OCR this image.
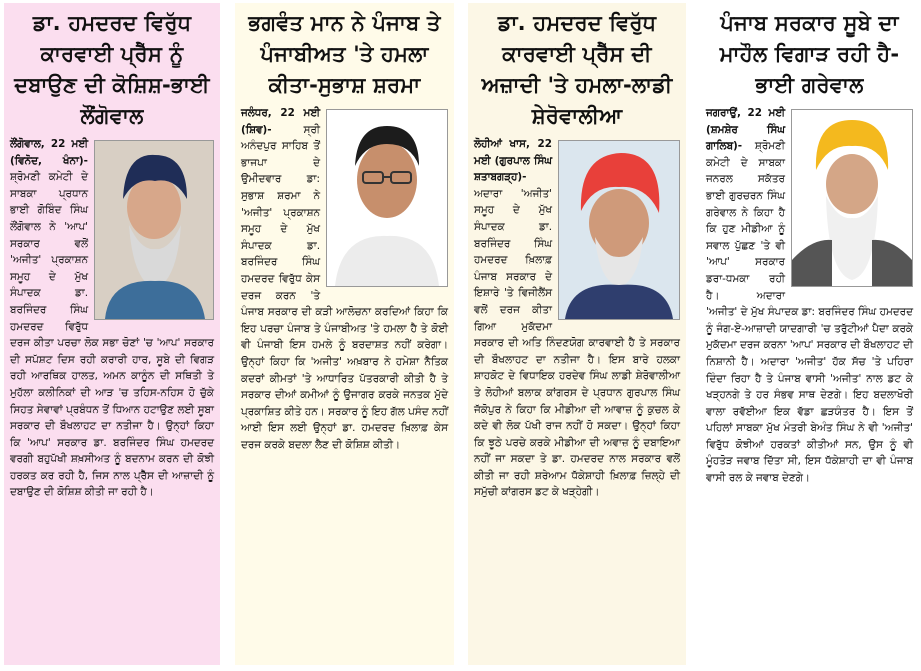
ਡਾ. ਹਮਦਰਦ ਵਿਰੁੱਧ ਕਾਰਵਾਈ ਪ੍ਰੈੱਸ ਨੂੰ ਦਬਾਉਣ ਦੀ ਕੋਸ਼ਿਸ਼-ਭਾਈ ਲੌਂਗੋਵਾਲ
ਲੌਂਗੋਵਾਲ, 22 ਮਈ (ਵਿਨੋਦ, ਖੰਨਾ)- ਸ਼੍ਰੋਮਣੀ ਕਮੇਟੀ ਦੇ ਸਾਬਕਾ ਪ੍ਰਧਾਨ ਭਾਈ ਗੋਬਿੰਦ ਸਿੰਘ ਲੌਂਗੋਵਾਲ ਨੇ 'ਆਪ' ਸਰਕਾਰ ਵਲੋਂ 'ਅਜੀਤ' ਪ੍ਰਕਾਸ਼ਨ ਸਮੂਹ ਦੇ ਮੁੱਖ ਸੰਪਾਦਕ ਡਾ. ਬਰਜਿੰਦਰ ਸਿੰਘ ਹਮਦਰਦ ਵਿਰੁੱਧ ਦਰਜ ਕੀਤਾ ਪਰਚਾ ਲੋਕ ਸਭਾ ਚੋਣਾਂ 'ਚ 'ਆਪ' ਸਰਕਾਰ ਦੀ ਸਪੱਸ਼ਟ ਦਿਸ ਰਹੀ ਕਰਾਰੀ ਹਾਰ, ਸੂਬੇ ਦੀ ਵਿਗੜ ਰਹੀ ਆਰਥਿਕ ਹਾਲਤ, ਅਮਨ ਕਾਨੂੰਨ ਦੀ ਸਥਿਤੀ ਤੇ ਮੁਹੱਲਾ ਕਲੀਨਿਕਾਂ ਦੀ ਆੜ 'ਚ ਤਹਿਸ-ਨਹਿਸ ਹੋ ਚੁੱਕੇ ਸਿਹਤ ਸੇਵਾਵਾਂ ਪ੍ਰਬੰਧਨ ਤੋਂ ਧਿਆਨ ਹਟਾਉਣ ਲਈ ਸੂਬਾ ਸਰਕਾਰ ਦੀ ਬੌਖਲਾਹਟ ਦਾ ਨਤੀਜਾ ਹੈ। ਉਨ੍ਹਾਂ ਕਿਹਾ ਕਿ 'ਆਪ' ਸਰਕਾਰ ਡਾ. ਬਰਜਿੰਦਰ ਸਿੰਘ ਹਮਦਰਦ ਵਰਗੀ ਬਹੁਪੱਖੀ ਸ਼ਖ਼ਸੀਅਤ ਨੂੰ ਬਦਨਾਮ ਕਰਨ ਦੀ ਕੋਝੀ ਹਰਕਤ ਕਰ ਰਹੀ ਹੈ, ਜਿਸ ਨਾਲ ਪ੍ਰੈੱਸ ਦੀ ਆਜ਼ਾਦੀ ਨੂੰ ਦਬਾਉਣ ਦੀ ਕੋਸ਼ਿਸ਼ ਕੀਤੀ ਜਾ ਰਹੀ ਹੈ।
ਭਗਵੰਤ ਮਾਨ ਨੇ ਪੰਜਾਬ ਤੇ ਪੰਜਾਬੀਅਤ 'ਤੇ ਹਮਲਾ ਕੀਤਾ-ਸੁਭਾਸ਼ ਸ਼ਰਮਾ
ਜਲੰਧਰ, 22 ਮਈ (ਸ਼ਿਵ)-	ਸ੍ਰੀ ਅਨੰਦਪੁਰ ਸਾਹਿਬ ਤੋਂ ਭਾਜਪਾ ਦੇ ਉਮੀਦਵਾਰ ਡਾ: ਸੁਭਾਸ਼ ਸ਼ਰਮਾ ਨੇ 'ਅਜੀਤ' ਪ੍ਰਕਾਸ਼ਨ ਸਮੂਹ ਦੇ ਮੁੱਖ ਸੰਪਾਦਕ ਡਾ. ਬਰਜਿੰਦਰ ਸਿੰਘ ਹਮਦਰਦ ਵਿਰੁੱਧ ਕੇਸ ਦਰਜ ਕਰਨ 'ਤੇ ਪੰਜਾਬ ਸਰਕਾਰ ਦੀ ਕੜੀ ਆਲੋਚਨਾ ਕਰਦਿਆਂ ਕਿਹਾ ਕਿ ਇਹ ਪਰਚਾ ਪੰਜਾਬ ਤੇ ਪੰਜਾਬੀਅਤ 'ਤੇ ਹਮਲਾ ਹੈ ਤੇ ਕੋਈ ਵੀ ਪੰਜਾਬੀ ਇਸ ਹਮਲੇ ਨੂੰ ਬਰਦਾਸ਼ਤ ਨਹੀਂ ਕਰੇਗਾ। ਉਨ੍ਹਾਂ ਕਿਹਾ ਕਿ 'ਅਜੀਤ' ਅਖ਼ਬਾਰ ਨੇ ਹਮੇਸ਼ਾ ਨੈਤਿਕ ਕਦਰਾਂ ਕੀਮਤਾਂ 'ਤੇ ਆਧਾਰਿਤ ਪੱਤਰਕਾਰੀ ਕੀਤੀ ਹੈ ਤੇ ਸਰਕਾਰ ਦੀਆਂ ਕਮੀਆਂ ਨੂੰ ਉਜਾਗਰ ਕਰਕੇ ਜਨਤਕ ਮੁੱਦੇ ਪ੍ਰਕਾਸ਼ਿਤ ਕੀਤੇ ਹਨ। ਸਰਕਾਰ ਨੂੰ ਇਹ ਗੱਲ ਪਸੰਦ ਨਹੀਂ ਆਈ ਇਸ ਲਈ ਉਨ੍ਹਾਂ ਡਾ. ਹਮਦਰਦ ਖ਼ਿਲਾਫ਼ ਕੇਸ ਦਰਜ ਕਰਕੇ ਬਦਲਾ ਲੈਣ ਦੀ ਕੋਸ਼ਿਸ਼ ਕੀਤੀ।
ਡਾ. ਹਮਦਰਦ ਵਿਰੁੱਧ ਕਾਰਵਾਈ ਪ੍ਰੈੱਸ ਦੀ ਅਜ਼ਾਦੀ 'ਤੇ ਹਮਲਾ-ਲਾਡੀ ਸ਼ੇਰੋਵਾਲੀਆ
ਲੋਹੀਆਂ ਖਾਸ, 22 ਮਈ (ਗੁਰਪਾਲ ਸਿੰਘ ਸ਼ਤਾਬਗੜ੍ਹ)- ਅਦਾਰਾ 'ਅਜੀਤ' ਸਮੂਹ ਦੇ ਮੁੱਖ ਸੰਪਾਦਕ ਡਾ. ਬਰਜਿੰਦਰ ਸਿੰਘ ਹਮਦਰਦ ਖ਼ਿਲਾਫ਼ ਪੰਜਾਬ ਸਰਕਾਰ ਦੇ ਇਸ਼ਾਰੇ 'ਤੇ ਵਿਜੀਲੈਂਸ ਵਲੋਂ ਦਰਜ ਕੀਤਾ ਗਿਆ ਮੁਕੱਦਮਾ ਸਰਕਾਰ ਦੀ ਅਤਿ ਨਿੰਦਣਯੋਗ ਕਾਰਵਾਈ ਹੈ ਤੇ ਸਰਕਾਰ ਦੀ ਬੌਖਲਾਹਟ ਦਾ ਨਤੀਜਾ ਹੈ। ਇਸ ਬਾਰੇ ਹਲਕਾ ਸ਼ਾਹਕੋਟ ਦੇ ਵਿਧਾਇਕ ਹਰਦੇਵ ਸਿੰਘ ਲਾਡੀ ਸ਼ੇਰੋਵਾਲੀਆ ਤੇ ਲੋਹੀਆਂ ਬਲਾਕ ਕਾਂਗਰਸ ਦੇ ਪ੍ਰਧਾਨ ਗੁਰਪਾਲ ਸਿੰਘ ਜੱਕੋਪੁਰ ਨੇ ਕਿਹਾ ਕਿ ਮੀਡੀਆ ਦੀ ਆਵਾਜ਼ ਨੂੰ ਕੁਚਲ ਕੇ ਕਦੇ ਵੀ ਲੋਕ ਪੱਖੀ ਰਾਜ ਨਹੀਂ ਹੋ ਸਕਦਾ। ਉਨ੍ਹਾਂ ਕਿਹਾ ਕਿ ਝੂਠੇ ਪਰਚੇ ਕਰਕੇ ਮੀਡੀਆ ਦੀ ਅਵਾਜ਼ ਨੂੰ ਦਬਾਇਆ ਨਹੀਂ ਜਾ ਸਕਦਾ ਤੇ ਡਾ. ਹਮਦਰਦ ਨਾਲ ਸਰਕਾਰ ਵਲੋਂ ਕੀਤੀ ਜਾ ਰਹੀ ਸ਼ਰੇਆਮ ਧੱਕੇਸ਼ਾਹੀ ਖ਼ਿਲਾਫ਼ ਜ਼ਿਲ੍ਹੇ ਦੀ ਸਮੁੱਚੀ ਕਾਂਗਰਸ ਡਟ ਕੇ ਖੜ੍ਹੇਗੀ।
ਪੰਜਾਬ ਸਰਕਾਰ ਸੂਬੇ ਦਾ ਮਾਹੌਲ ਵਿਗਾੜ ਰਹੀ ਹੈ-ਭਾਈ ਗਰੇਵਾਲ
ਜਗਰਾਉਂ, 22 ਮਈ (ਸ਼ਮਸ਼ੇਰ ਸਿੰਘ ਗਾਲਿਬ)- ਸ਼੍ਰੋਮਣੀ ਕਮੇਟੀ ਦੇ ਸਾਬਕਾ ਜਨਰਲ ਸਕੱਤਰ ਭਾਈ ਗੁਰਚਰਨ ਸਿੰਘ ਗਰੇਵਾਲ ਨੇ ਕਿਹਾ ਹੈ ਕਿ ਹੁਣ ਮੀਡੀਆ ਨੂੰ ਸਵਾਲ ਪੁੱਛਣ 'ਤੇ ਵੀ 'ਆਪ' ਸਰਕਾਰ ਡਰਾ-ਧਮਕਾ ਰਹੀ ਹੈ। ਅਦਾਰਾ 'ਅਜੀਤ' ਦੇ ਮੁੱਖ ਸੰਪਾਦਕ ਡਾ: ਬਰਜਿੰਦਰ ਸਿੰਘ ਹਮਦਰਦ ਨੂੰ ਜੰਗ-ਏ-ਆਜ਼ਾਦੀ ਯਾਦਗਾਰੀ 'ਚ ਤਰੁੱਟੀਆਂ ਪੈਦਾ ਕਰਕੇ ਮੁਕੱਦਮਾ ਦਰਜ ਕਰਨਾ 'ਆਪ' ਸਰਕਾਰ ਦੀ ਬੌਖਲਾਹਟ ਦੀ ਨਿਸ਼ਾਨੀ ਹੈ। ਅਦਾਰਾ 'ਅਜੀਤ' ਹੱਕ ਸੱਚ 'ਤੇ ਪਹਿਰਾ ਦਿੰਦਾ ਰਿਹਾ ਹੈ ਤੇ ਪੰਜਾਬ ਵਾਸੀ 'ਅਜੀਤ' ਨਾਲ ਡਟ ਕੇ ਖੜ੍ਹਨਗੇ ਤੇ ਹਰ ਸੰਭਵ ਸਾਥ ਦੇਣਗੇ। ਇਹ ਬਦਲਾਖੋਰੀ ਵਾਲਾ ਰਵੱਈਆ ਇਕ ਵੱਡਾ ਛੜਯੰਤਰ ਹੈ। ਇਸ ਤੋਂ ਪਹਿਲਾਂ ਸਾਬਕਾ ਮੁੱਖ ਮੰਤਰੀ ਬੇਅੰਤ ਸਿੰਘ ਨੇ ਵੀ 'ਅਜੀਤ' ਵਿਰੁੱਧ ਕੋਝੀਆਂ ਹਰਕਤਾਂ ਕੀਤੀਆਂ ਸਨ, ਉਸ ਨੂੰ ਵੀ ਮੂੰਹਤੋੜ ਜਵਾਬ ਦਿੱਤਾ ਸੀ, ਇਸ ਧੱਕੇਸ਼ਾਹੀ ਦਾ ਵੀ ਪੰਜਾਬ ਵਾਸੀ ਰਲ ਕੇ ਜਵਾਬ ਦੇਣਗੇ।
